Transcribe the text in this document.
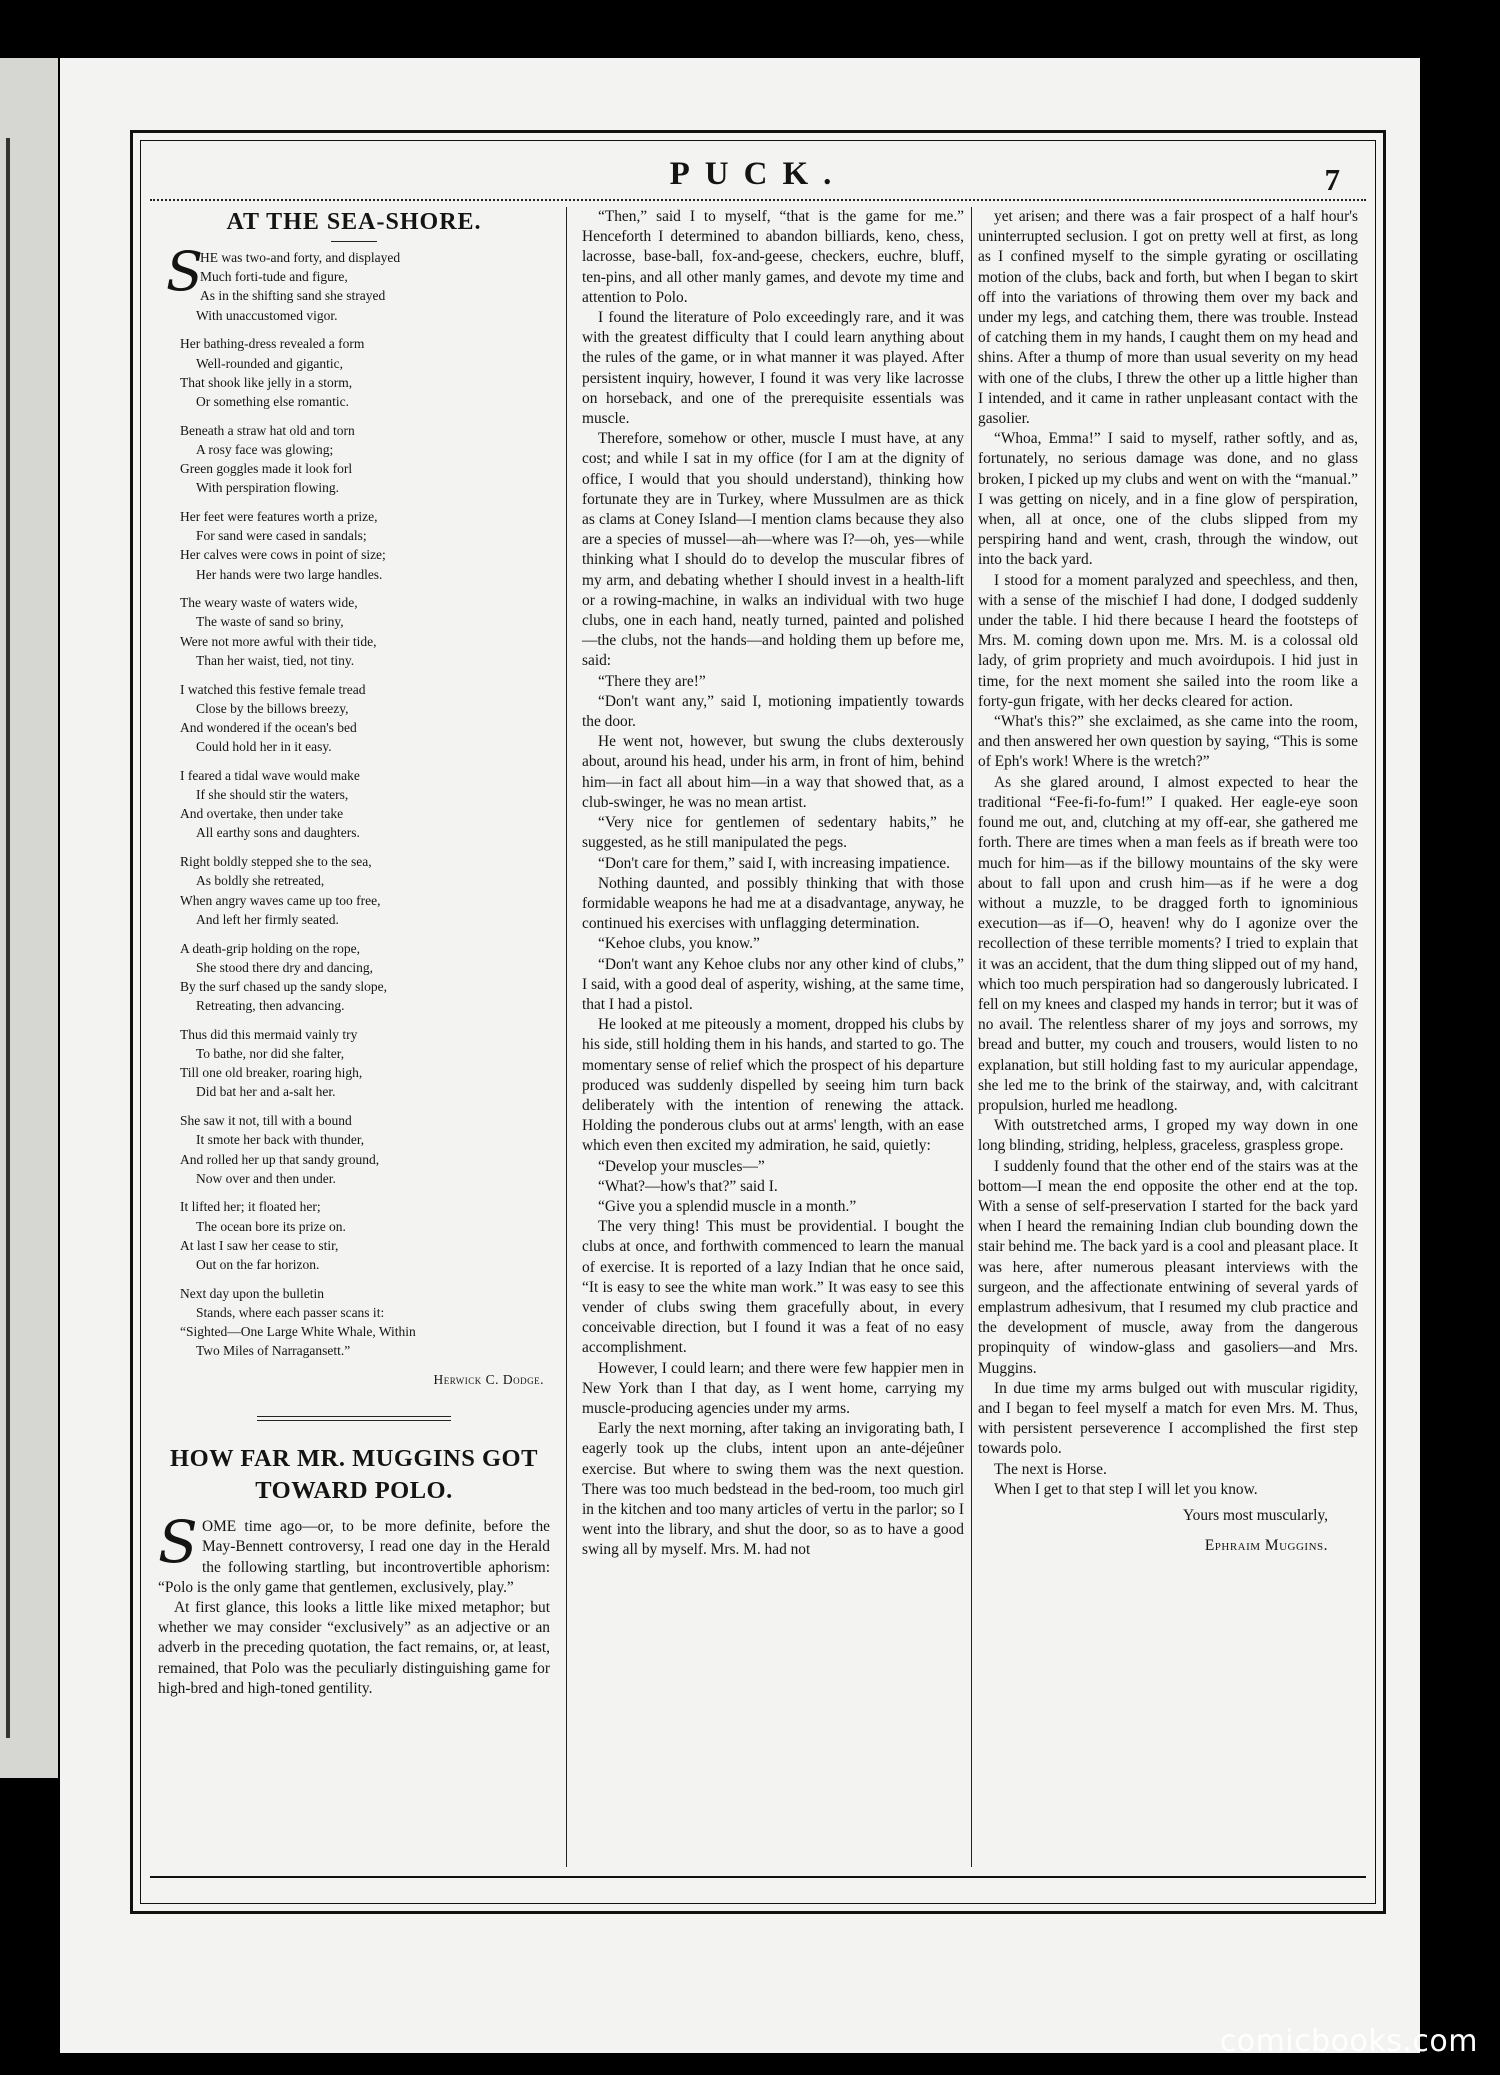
PUCK.	7
AT THE SEA-SHORE.
S
HE was two-and forty, and displayed
Much forti-tude and figure,
As in the shifting sand she strayed
With unaccustomed vigor.
Her bathing-dress revealed a form
Well-rounded and gigantic,
That shook like jelly in a storm,
Or something else romantic.
Beneath a straw hat old and torn
A rosy face was glowing;
Green goggles made it look forl
With perspiration flowing.
Her feet were features worth a prize,
For sand were cased in sandals;
Her calves were cows in point of size;
Her hands were two large handles.
The weary waste of waters wide,
The waste of sand so briny,
Were not more awful with their tide,
Than her waist, tied, not tiny.
I watched this festive female tread
Close by the billows breezy,
And wondered if the ocean's bed
Could hold her in it easy.
I feared a tidal wave would make
If she should stir the waters,
And overtake, then under take
All earthy sons and daughters.
Right boldly stepped she to the sea,
As boldly she retreated,
When angry waves came up too free,
And left her firmly seated.
A death-grip holding on the rope,
She stood there dry and dancing,
By the surf chased up the sandy slope,
Retreating, then advancing.
Thus did this mermaid vainly try
To bathe, nor did she falter,
Till one old breaker, roaring high,
Did bat her and a-salt her.
She saw it not, till with a bound
It smote her back with thunder,
And rolled her up that sandy ground,
Now over and then under.
It lifted her; it floated her;
The ocean bore its prize on.
At last I saw her cease to stir,
Out on the far horizon.
Next day upon the bulletin
Stands, where each passer scans it:
“Sighted—One Large White Whale, Within
Two Miles of Narragansett.”
Herwick C. Dodge.
HOW FAR MR. MUGGINS GOT
TOWARD POLO.

SOME time ago—or, to be more definite, before the May-Bennett controversy, I read one day in the Herald the following startling, but incontrovertible aphorism: “Polo is the only game that gentlemen, exclusively, play.”

At first glance, this looks a little like mixed metaphor; but whether we may consider “exclusively” as an adjective or an adverb in the preceding quotation, the fact remains, or, at least, remained, that Polo was the peculiarly distinguishing game for high-bred and high-toned gentility.

“Then,” said I to myself, “that is the game for me.” Henceforth I determined to abandon billiards, keno, chess, lacrosse, base-ball, fox-and-geese, checkers, euchre, bluff, ten-pins, and all other manly games, and devote my time and attention to Polo.

I found the literature of Polo exceedingly rare, and it was with the greatest difficulty that I could learn anything about the rules of the game, or in what manner it was played. After persistent inquiry, however, I found it was very like lacrosse on horseback, and one of the prerequisite essentials was muscle.

Therefore, somehow or other, muscle I must have, at any cost; and while I sat in my office (for I am at the dignity of office, I would that you should understand), thinking how fortunate they are in Turkey, where Mussulmen are as thick as clams at Coney Island—I mention clams because they also are a species of mussel—ah—where was I?—oh, yes—while thinking what I should do to develop the muscular fibres of my arm, and debating whether I should invest in a health-lift or a rowing-machine, in walks an individual with two huge clubs, one in each hand, neatly turned, painted and polished—the clubs, not the hands—and holding them up before me, said:

“There they are!”

“Don't want any,” said I, motioning impatiently towards the door.

He went not, however, but swung the clubs dexterously about, around his head, under his arm, in front of him, behind him—in fact all about him—in a way that showed that, as a club-swinger, he was no mean artist.

“Very nice for gentlemen of sedentary habits,” he suggested, as he still manipulated the pegs.

“Don't care for them,” said I, with increasing impatience.

Nothing daunted, and possibly thinking that with those formidable weapons he had me at a disadvantage, anyway, he continued his exercises with unflagging determination.

“Kehoe clubs, you know.”

“Don't want any Kehoe clubs nor any other kind of clubs,” I said, with a good deal of asperity, wishing, at the same time, that I had a pistol.

He looked at me piteously a moment, dropped his clubs by his side, still holding them in his hands, and started to go. The momentary sense of relief which the prospect of his departure produced was suddenly dispelled by seeing him turn back deliberately with the intention of renewing the attack. Holding the ponderous clubs out at arms' length, with an ease which even then excited my admiration, he said, quietly:

“Develop your muscles—”

“What?—how's that?” said I.

“Give you a splendid muscle in a month.”

The very thing! This must be providential. I bought the clubs at once, and forthwith commenced to learn the manual of exercise. It is reported of a lazy Indian that he once said, “It is easy to see the white man work.” It was easy to see this vender of clubs swing them gracefully about, in every conceivable direction, but I found it was a feat of no easy accomplishment.

However, I could learn; and there were few happier men in New York than I that day, as I went home, carrying my muscle-producing agencies under my arms.

Early the next morning, after taking an invigorating bath, I eagerly took up the clubs, intent upon an ante-déjeûner exercise. But where to swing them was the next question. There was too much bedstead in the bed-room, too much girl in the kitchen and too many articles of vertu in the parlor; so I went into the library, and shut the door, so as to have a good swing all by myself. Mrs. M. had not

yet arisen; and there was a fair prospect of a half hour's uninterrupted seclusion. I got on pretty well at first, as long as I confined myself to the simple gyrating or oscillating motion of the clubs, back and forth, but when I began to skirt off into the variations of throwing them over my back and under my legs, and catching them, there was trouble. Instead of catching them in my hands, I caught them on my head and shins. After a thump of more than usual severity on my head with one of the clubs, I threw the other up a little higher than I intended, and it came in rather unpleasant contact with the gasolier.

“Whoa, Emma!” I said to myself, rather softly, and as, fortunately, no serious damage was done, and no glass broken, I picked up my clubs and went on with the “manual.” I was getting on nicely, and in a fine glow of perspiration, when, all at once, one of the clubs slipped from my perspiring hand and went, crash, through the window, out into the back yard.

I stood for a moment paralyzed and speechless, and then, with a sense of the mischief I had done, I dodged suddenly under the table. I hid there because I heard the footsteps of Mrs. M. coming down upon me. Mrs. M. is a colossal old lady, of grim propriety and much avoirdupois. I hid just in time, for the next moment she sailed into the room like a forty-gun frigate, with her decks cleared for action.

“What's this?” she exclaimed, as she came into the room, and then answered her own question by saying, “This is some of Eph's work! Where is the wretch?”

As she glared around, I almost expected to hear the traditional “Fee-fi-fo-fum!” I quaked. Her eagle-eye soon found me out, and, clutching at my off-ear, she gathered me forth. There are times when a man feels as if breath were too much for him—as if the billowy mountains of the sky were about to fall upon and crush him—as if he were a dog without a muzzle, to be dragged forth to ignominious execution—as if—O, heaven! why do I agonize over the recollection of these terrible moments? I tried to explain that it was an accident, that the dum thing slipped out of my hand, which too much perspiration had so dangerously lubricated. I fell on my knees and clasped my hands in terror; but it was of no avail. The relentless sharer of my joys and sorrows, my bread and butter, my couch and trousers, would listen to no explanation, but still holding fast to my auricular appendage, she led me to the brink of the stairway, and, with calcitrant propulsion, hurled me headlong.

With outstretched arms, I groped my way down in one long blinding, striding, helpless, graceless, graspless grope.

I suddenly found that the other end of the stairs was at the bottom—I mean the end opposite the other end at the top. With a sense of self-preservation I started for the back yard when I heard the remaining Indian club bounding down the stair behind me. The back yard is a cool and pleasant place. It was here, after numerous pleasant interviews with the surgeon, and the affectionate entwining of several yards of emplastrum adhesivum, that I resumed my club practice and the development of muscle, away from the dangerous propinquity of window-glass and gasoliers—and Mrs. Muggins.

In due time my arms bulged out with muscular rigidity, and I began to feel myself a match for even Mrs. M. Thus, with persistent perseverence I accomplished the first step towards polo.

The next is Horse.

When I get to that step I will let you know.

Yours most muscularly,
Ephraim Muggins.
comicbooks.com
